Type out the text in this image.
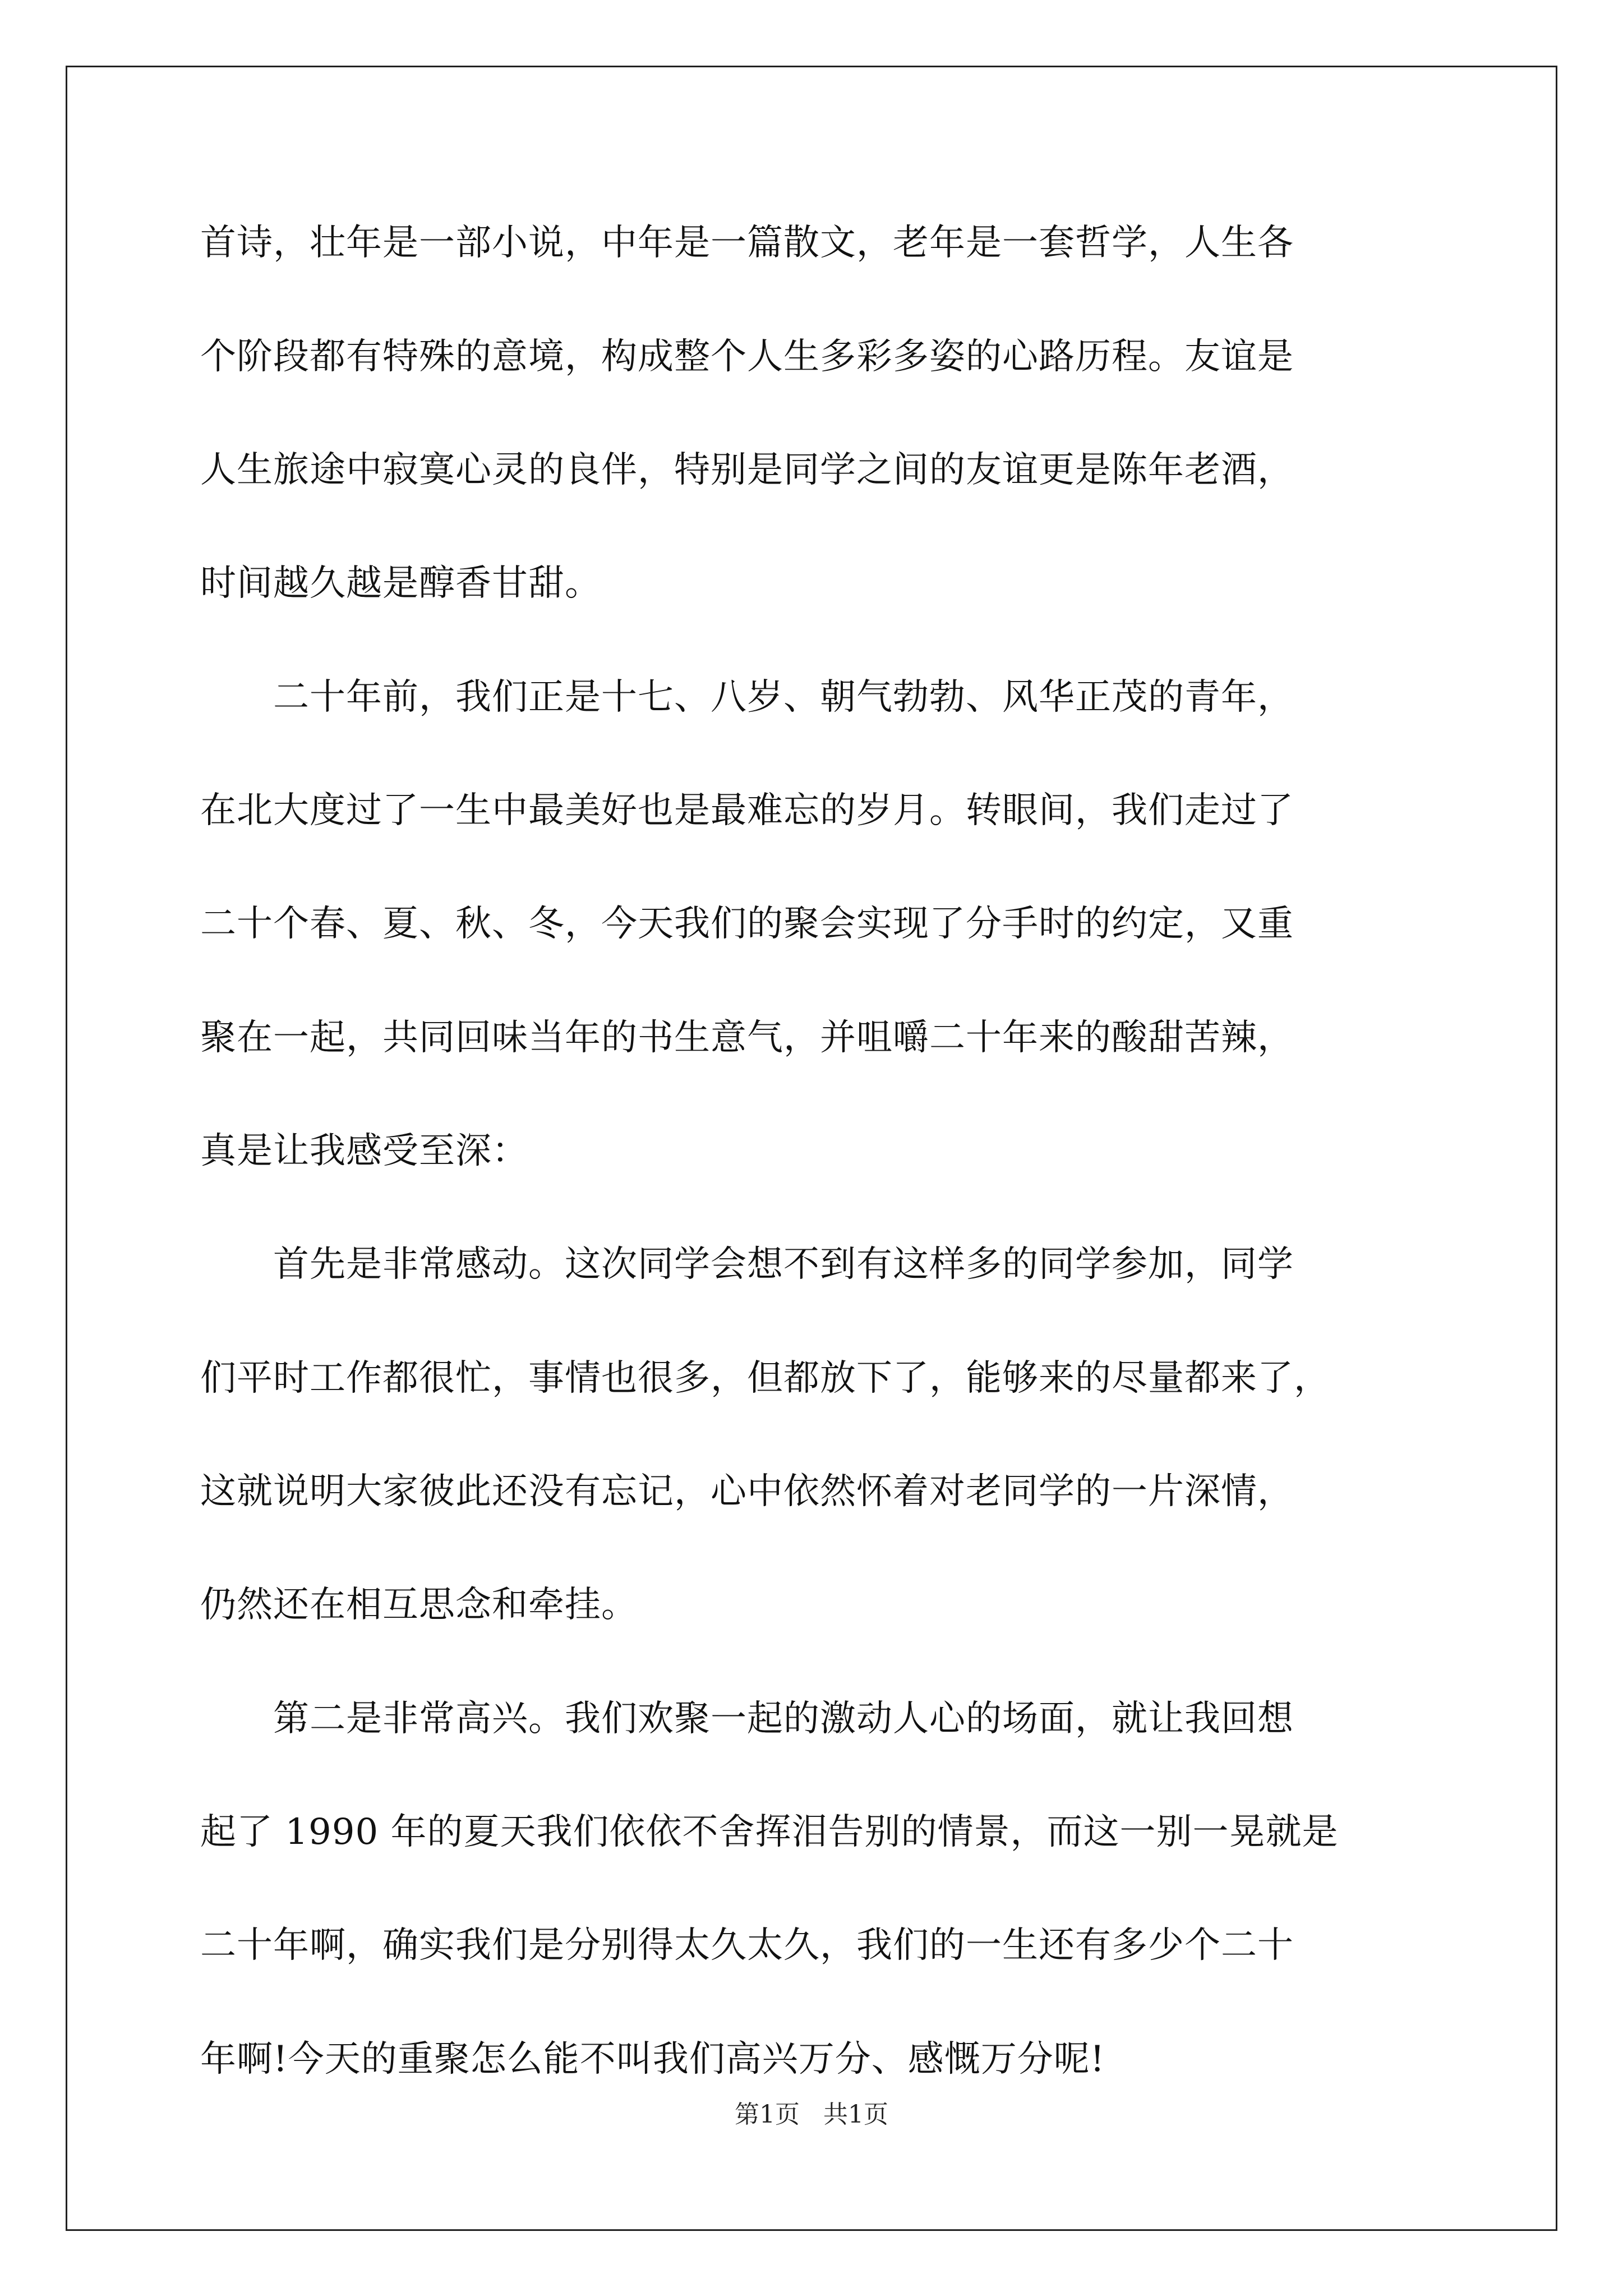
首诗，壮年是一部小说，中年是一篇散文，老年是一套哲学，人生各
个阶段都有特殊的意境，构成整个人生多彩多姿的心路历程。友谊是
人生旅途中寂寞心灵的良伴，特别是同学之间的友谊更是陈年老酒，
时间越久越是醇香甘甜。
二十年前，我们正是十七、八岁、朝气勃勃、风华正茂的青年，
在北大度过了一生中最美好也是最难忘的岁月。转眼间，我们走过了
二十个春、夏、秋、冬，今天我们的聚会实现了分手时的约定，又重
聚在一起，共同回味当年的书生意气，并咀嚼二十年来的酸甜苦辣，
真是让我感受至深：
首先是非常感动。这次同学会想不到有这样多的同学参加，同学
们平时工作都很忙，事情也很多，但都放下了，能够来的尽量都来了，
这就说明大家彼此还没有忘记，心中依然怀着对老同学的一片深情，
仍然还在相互思念和牵挂。
第二是非常高兴。我们欢聚一起的激动人心的场面，就让我回想
起了 1990 年的夏天我们依依不舍挥泪告别的情景，而这一别一晃就是
二十年啊，确实我们是分别得太久太久，我们的一生还有多少个二十
年啊!今天的重聚怎么能不叫我们高兴万分、感慨万分呢!
第1页 共1页
